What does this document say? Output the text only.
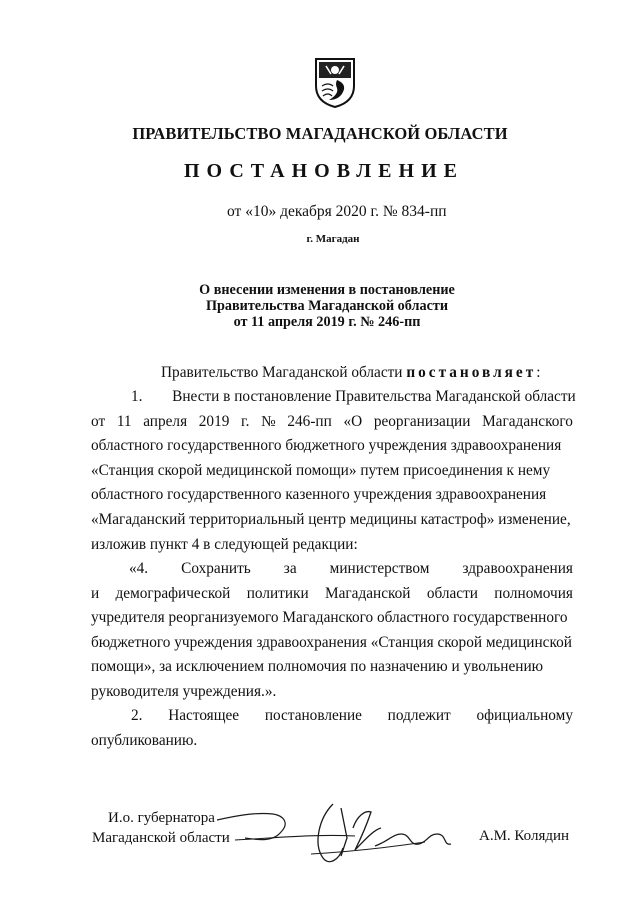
ПРАВИТЕЛЬСТВО МАГАДАНСКОЙ ОБЛАСТИ
ПОСТАНОВЛЕНИЕ
от «10» декабря 2020 г. № 834-пп
г. Магадан
О внесении изменения в постановление
Правительства Магаданской области
от 11 апреля 2019 г. № 246-пп
Правительство Магаданской области постановляет:
1. Внести в постановление Правительства Магаданской области
от 11 апреля 2019 г. № 246-пп «О реорганизации Магаданского
областного государственного бюджетного учреждения здравоохранения
«Станция скорой медицинской помощи» путем присоединения к нему
областного государственного казенного учреждения здравоохранения
«Магаданский территориальный центр медицины катастроф» изменение,
изложив пункт 4 в следующей редакции:
«4. Сохранить за министерством здравоохранения
и демографической политики Магаданской области полномочия
учредителя реорганизуемого Магаданского областного государственного
бюджетного учреждения здравоохранения «Станция скорой медицинской
помощи», за исключением полномочия по назначению и увольнению
руководителя учреждения.».
2. Настоящее постановление подлежит официальному
опубликованию.
И.о. губернатора
Магаданской области	А.М. Колядин
